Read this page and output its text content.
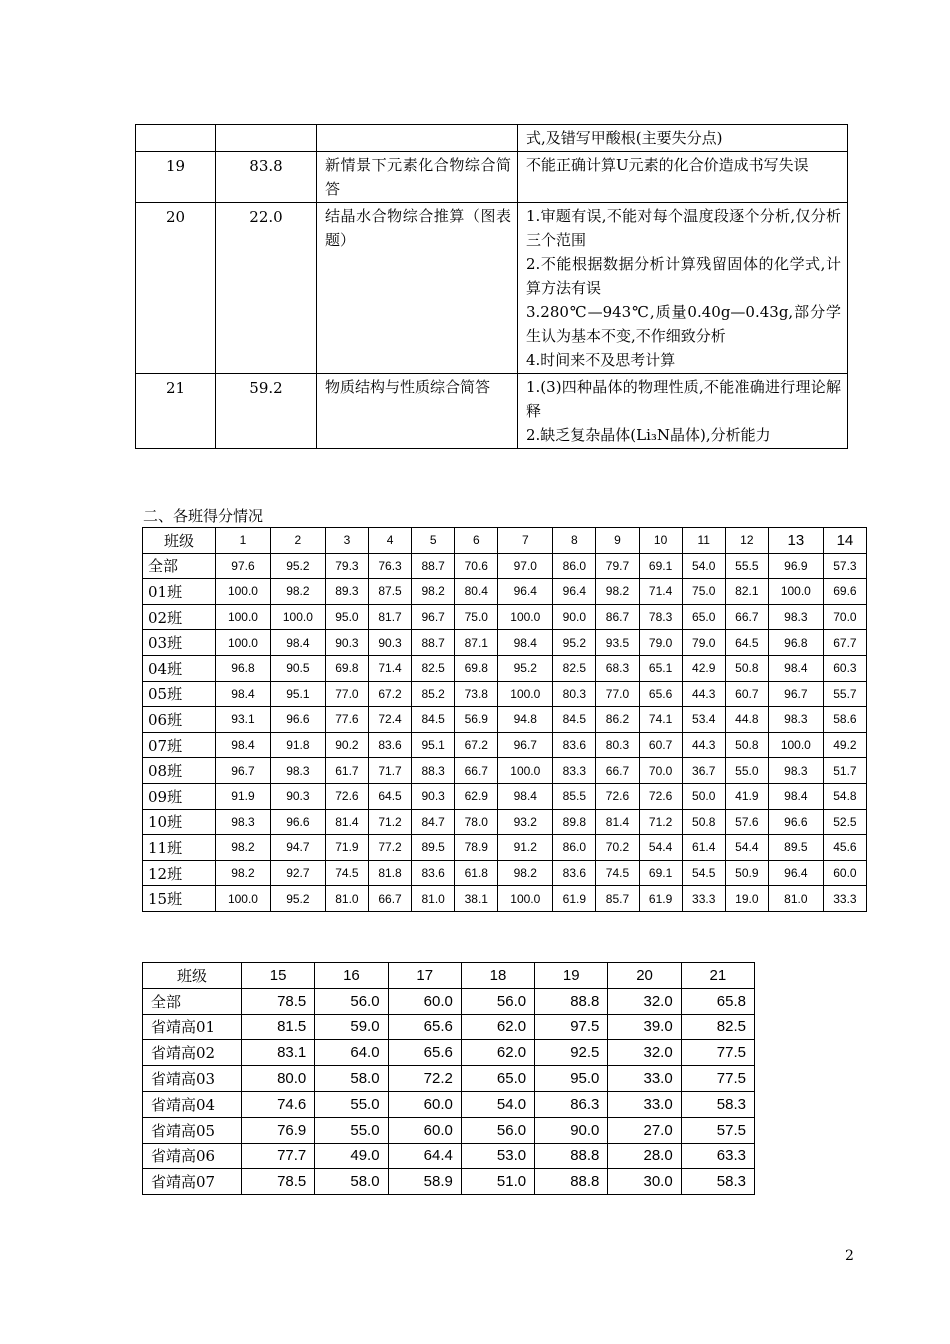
			式,及错写甲酸根(主要失分点)

19	83.8	新情景下元素化合物综合简答	不能正确计算U元素的化合价造成书写失误

20	22.0	结晶水合物综合推算（图表题）	1.审题有误,不能对每个温度段逐个分析,仅分析三个范围
2.不能根据数据分析计算残留固体的化学式,计算方法有误
3.280℃—943℃,质量0.40g—0.43g,部分学生认为基本不变,不作细致分析
4.时间来不及思考计算

21	59.2	物质结构与性质综合简答	1.(3)四种晶体的物理性质,不能准确进行理论解释
2.缺乏复杂晶体(Li₃N晶体),分析能力
二、各班得分情况
班级	1	2	3	4	5	6	7	8	9	10	11	12	13	14
全部	97.6	95.2	79.3	76.3	88.7	70.6	97.0	86.0	79.7	69.1	54.0	55.5	96.9	57.3
01班	100.0	98.2	89.3	87.5	98.2	80.4	96.4	96.4	98.2	71.4	75.0	82.1	100.0	69.6
02班	100.0	100.0	95.0	81.7	96.7	75.0	100.0	90.0	86.7	78.3	65.0	66.7	98.3	70.0
03班	100.0	98.4	90.3	90.3	88.7	87.1	98.4	95.2	93.5	79.0	79.0	64.5	96.8	67.7
04班	96.8	90.5	69.8	71.4	82.5	69.8	95.2	82.5	68.3	65.1	42.9	50.8	98.4	60.3
05班	98.4	95.1	77.0	67.2	85.2	73.8	100.0	80.3	77.0	65.6	44.3	60.7	96.7	55.7
06班	93.1	96.6	77.6	72.4	84.5	56.9	94.8	84.5	86.2	74.1	53.4	44.8	98.3	58.6
07班	98.4	91.8	90.2	83.6	95.1	67.2	96.7	83.6	80.3	60.7	44.3	50.8	100.0	49.2
08班	96.7	98.3	61.7	71.7	88.3	66.7	100.0	83.3	66.7	70.0	36.7	55.0	98.3	51.7
09班	91.9	90.3	72.6	64.5	90.3	62.9	98.4	85.5	72.6	72.6	50.0	41.9	98.4	54.8
10班	98.3	96.6	81.4	71.2	84.7	78.0	93.2	89.8	81.4	71.2	50.8	57.6	96.6	52.5
11班	98.2	94.7	71.9	77.2	89.5	78.9	91.2	86.0	70.2	54.4	61.4	54.4	89.5	45.6
12班	98.2	92.7	74.5	81.8	83.6	61.8	98.2	83.6	74.5	69.1	54.5	50.9	96.4	60.0
15班	100.0	95.2	81.0	66.7	81.0	38.1	100.0	61.9	85.7	61.9	33.3	19.0	81.0	33.3
班级	15	16	17	18	19	20	21
全部	78.5	56.0	60.0	56.0	88.8	32.0	65.8
省靖高01	81.5	59.0	65.6	62.0	97.5	39.0	82.5
省靖高02	83.1	64.0	65.6	62.0	92.5	32.0	77.5
省靖高03	80.0	58.0	72.2	65.0	95.0	33.0	77.5
省靖高04	74.6	55.0	60.0	54.0	86.3	33.0	58.3
省靖高05	76.9	55.0	60.0	56.0	90.0	27.0	57.5
省靖高06	77.7	49.0	64.4	53.0	88.8	28.0	63.3
省靖高07	78.5	58.0	58.9	51.0	88.8	30.0	58.3
2
